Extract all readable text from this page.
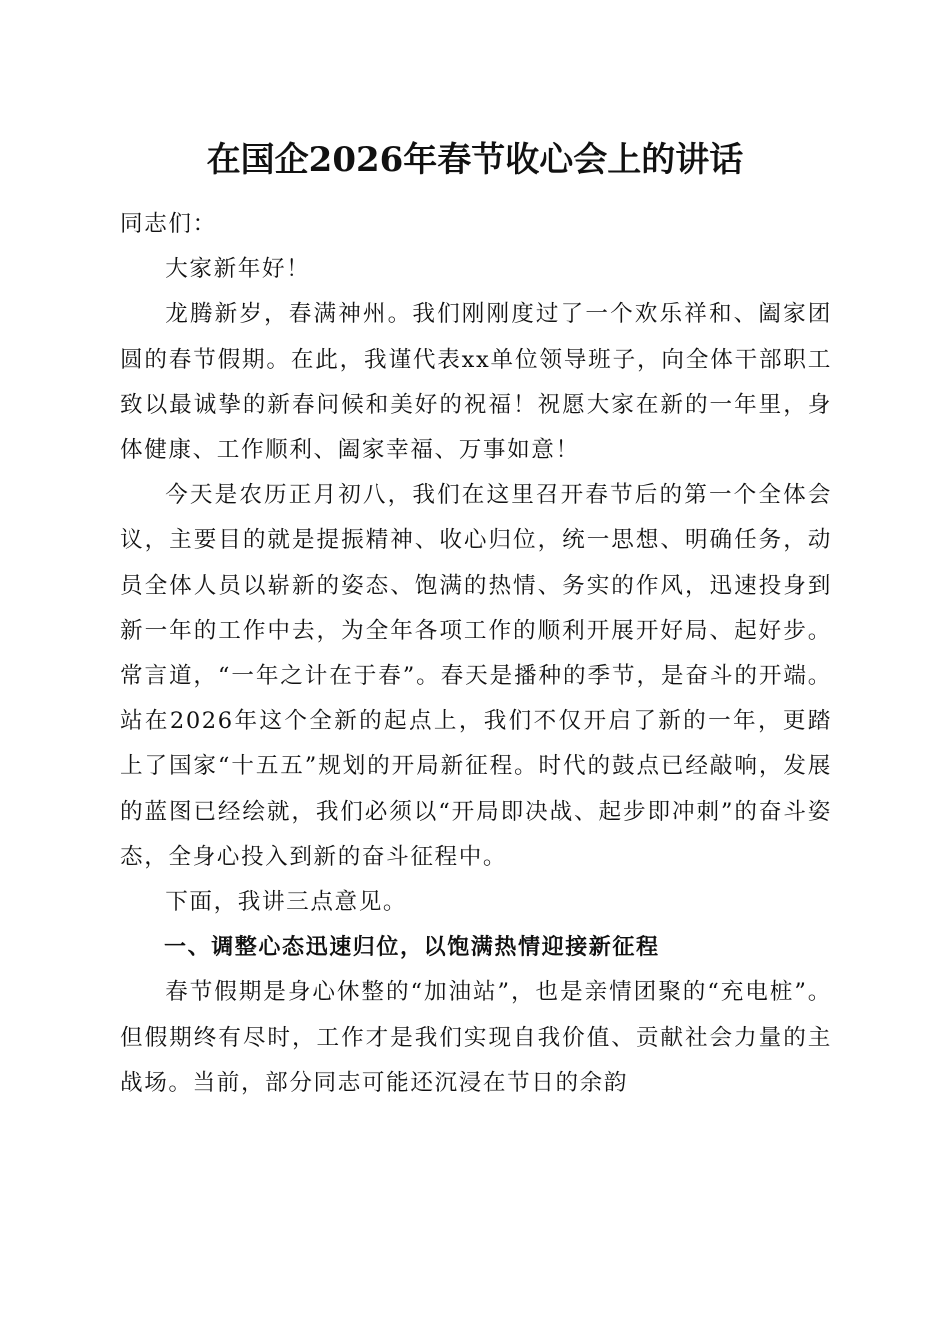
在国企2026年春节收心会上的讲话

同志们：

大家新年好！

龙腾新岁，春满神州。我们刚刚度过了一个欢乐祥和、阖家团圆的春节假期。在此，我谨代表xx单位领导班子，向全体干部职工致以最诚挚的新春问候和美好的祝福！祝愿大家在新的一年里，身体健康、工作顺利、阖家幸福、万事如意！

今天是农历正月初八，我们在这里召开春节后的第一个全体会议，主要目的就是提振精神、收心归位，统一思想、明确任务，动员全体人员以崭新的姿态、饱满的热情、务实的作风，迅速投身到新一年的工作中去，为全年各项工作的顺利开展开好局、起好步。常言道，“一年之计在于春”。春天是播种的季节，是奋斗的开端。站在2026年这个全新的起点上，我们不仅开启了新的一年，更踏上了国家“十五五”规划的开局新征程。时代的鼓点已经敲响，发展的蓝图已经绘就，我们必须以“开局即决战、起步即冲刺”的奋斗姿态，全身心投入到新的奋斗征程中。

下面，我讲三点意见。

一、调整心态迅速归位，以饱满热情迎接新征程

春节假期是身心休整的“加油站”，也是亲情团聚的“充电桩”。但假期终有尽时，工作才是我们实现自我价值、贡献社会力量的主战场。当前，部分同志可能还沉浸在节日的余韵
